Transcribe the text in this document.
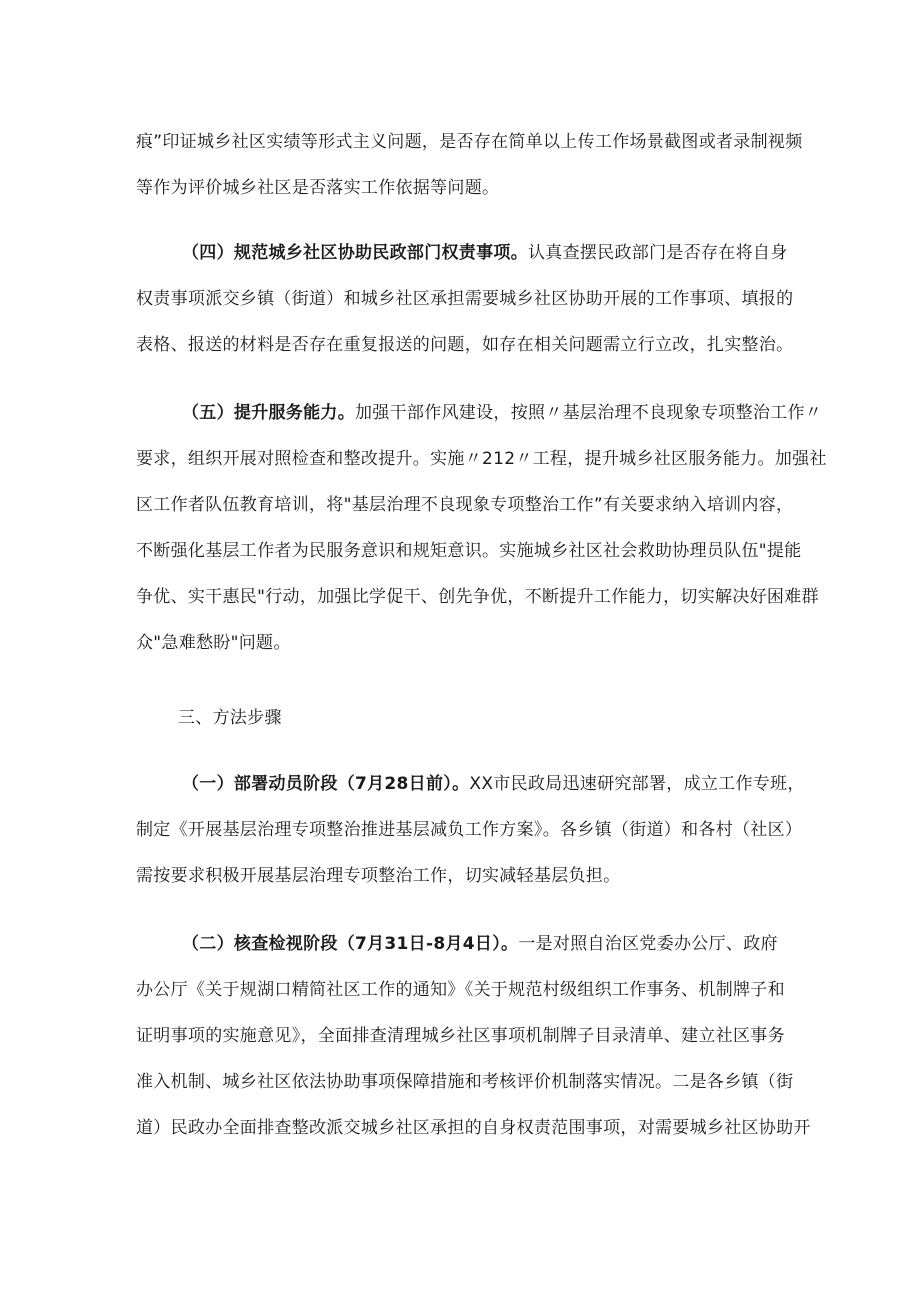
痕”印证城乡社区实绩等形式主义问题，是否存在简单以上传工作场景截图或者录制视频
等作为评价城乡社区是否落实工作依据等问题。
（四）规范城乡社区协助民政部门权责事项。认真查摆民政部门是否存在将自身
权责事项派交乡镇（街道）和城乡社区承担需要城乡社区协助开展的工作事项、填报的
表格、报送的材料是否存在重复报送的问题，如存在相关问题需立行立改，扎实整治。
（五）提升服务能力。加强干部作风建设，按照〃基层治理不良现象专项整治工作〃
要求，组织开展对照检查和整改提升。实施〃212〃工程，提升城乡社区服务能力。加强社
区工作者队伍教育培训，将"基层治理不良现象专项整治工作”有关要求纳入培训内容，
不断强化基层工作者为民服务意识和规矩意识。实施城乡社区社会救助协理员队伍"提能
争优、实干惠民"行动，加强比学促干、创先争优，不断提升工作能力，切实解决好困难群
众"急难愁盼"问题。
三、方法步骤
（一）部署动员阶段（7月28日前）。XX市民政局迅速研究部署，成立工作专班，
制定《开展基层治理专项整治推进基层减负工作方案》。各乡镇（街道）和各村（社区）
需按要求积极开展基层治理专项整治工作，切实减轻基层负担。
（二）核查检视阶段（7月31日-8月4日）。一是对照自治区党委办公厅、政府
办公厅《关于规湖口精简社区工作的通知》《关于规范村级组织工作事务、机制牌子和
证明事项的实施意见》，全面排查清理城乡社区事项机制牌子目录清单、建立社区事务
准入机制、城乡社区依法协助事项保障措施和考核评价机制落实情况。二是各乡镇（街
道）民政办全面排查整改派交城乡社区承担的自身权责范围事项，对需要城乡社区协助开
